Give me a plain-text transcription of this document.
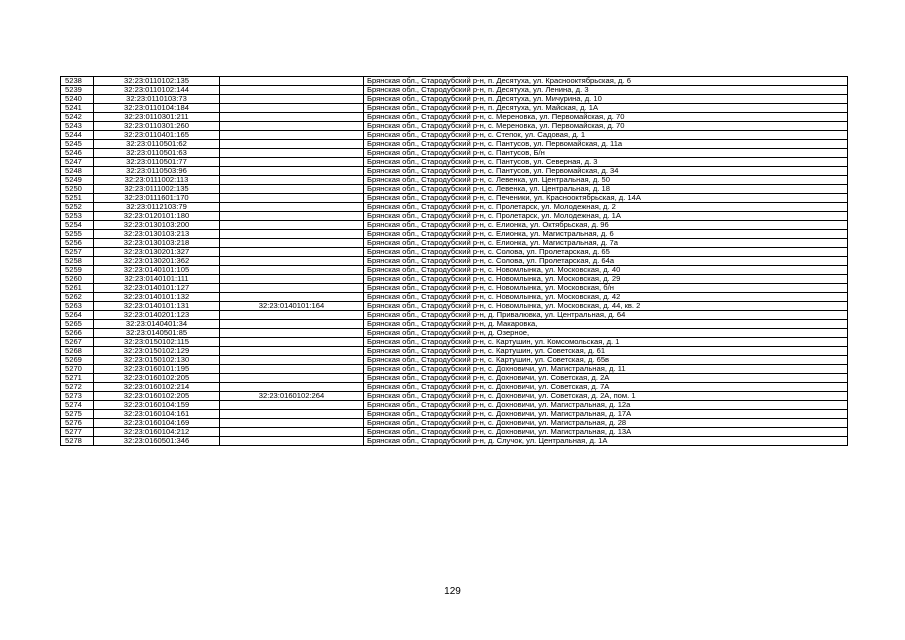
5238	32:23:0110102:135		Брянская обл., Стародубский р-н, п. Десятуха, ул. Краснооктябрьская, д. 6
5239	32:23:0110102:144		Брянская обл., Стародубский р-н, п. Десятуха, ул. Ленина, д. 3
5240	32:23:0110103:73		Брянская обл., Стародубский р-н, п. Десятуха, ул. Мичурина, д. 10
5241	32:23:0110104:184		Брянская обл., Стародубский р-н, п. Десятуха, ул. Майская, д. 1А
5242	32:23:0110301:211		Брянская обл., Стародубский р-н, с. Мереновка, ул. Первомайская, д. 70
5243	32:23:0110301:260		Брянская обл., Стародубский р-н, с. Мереновка, ул. Первомайская, д. 70
5244	32:23:0110401:165		Брянская обл., Стародубский р-н, с. Степок, ул. Садовая, д. 1
5245	32:23:0110501:62		Брянская обл., Стародубский р-н, с. Пантусов, ул. Первомайская, д. 11а
5246	32:23:0110501:63		Брянская обл., Стародубский р-н, с. Пантусов, Б/н
5247	32:23:0110501:77		Брянская обл., Стародубский р-н, с. Пантусов, ул. Северная, д. 3
5248	32:23:0110503:96		Брянская обл., Стародубский р-н, с. Пантусов, ул. Первомайская, д. 34
5249	32:23:0111002:113		Брянская обл., Стародубский р-н, с. Левенка, ул. Центральная, д. 50
5250	32:23:0111002:135		Брянская обл., Стародубский р-н, с. Левенка, ул. Центральная, д. 18
5251	32:23:0111601:170		Брянская обл., Стародубский р-н, с. Печеники, ул. Краснооктябрьская, д. 14А
5252	32:23:0112103:79		Брянская обл., Стародубский р-н, с. Пролетарск, ул. Молодежная, д. 2
5253	32:23:0120101:180		Брянская обл., Стародубский р-н, с. Пролетарск, ул. Молодежная, д. 1А
5254	32:23:0130103:200		Брянская обл., Стародубский р-н, с. Елионка, ул. Октябрьская, д. 96
5255	32:23:0130103:213		Брянская обл., Стародубский р-н, с. Елионка, ул. Магистральная, д. 6
5256	32:23:0130103:218		Брянская обл., Стародубский р-н, с. Елионка, ул. Магистральная, д. 7а
5257	32:23:0130201:327		Брянская обл., Стародубский р-н, с. Солова, ул. Пролетарская, д. 65
5258	32:23:0130201:362		Брянская обл., Стародубский р-н, с. Солова, ул. Пролетарская, д. 64а
5259	32:23:0140101:105		Брянская обл., Стародубский р-н, с. Новомлынка, ул. Московская, д. 40
5260	32:23:0140101:111		Брянская обл., Стародубский р-н, с. Новомлынка, ул. Московская, д. 29
5261	32:23:0140101:127		Брянская обл., Стародубский р-н, с. Новомлынка, ул. Московская, б/н
5262	32:23:0140101:132		Брянская обл., Стародубский р-н, с. Новомлынка, ул. Московская, д. 42
5263	32:23:0140101:131	32:23:0140101:164	Брянская обл., Стародубский р-н, с. Новомлынка, ул. Московская, д. 44, кв. 2
5264	32:23:0140201:123		Брянская обл., Стародубский р-н, д. Привалювка, ул. Центральная, д. 64
5265	32:23:0140401:34		Брянская обл., Стародубский р-н, д. Макаровка,
5266	32:23:0140501:85		Брянская обл., Стародубский р-н, д. Озерное,
5267	32:23:0150102:115		Брянская обл., Стародубский р-н, с. Картушин, ул. Комсомольская, д. 1
5268	32:23:0150102:129		Брянская обл., Стародубский р-н, с. Картушин, ул. Советская, д. 61
5269	32:23:0150102:130		Брянская обл., Стародубский р-н, с. Картушин, ул. Советская, д. 65в
5270	32:23:0160101:195		Брянская обл., Стародубский р-н, с. Дохновичи, ул. Магистральная, д. 11
5271	32:23:0160102:205		Брянская обл., Стародубский р-н, с. Дохновичи, ул. Советская, д. 2А
5272	32:23:0160102:214		Брянская обл., Стародубский р-н, с. Дохновичи, ул. Советская, д. 7А
5273	32:23:0160102:205	32:23:0160102:264	Брянская обл., Стародубский р-н, с. Дохновичи, ул. Советская, д. 2А, пом. 1
5274	32:23:0160104:159		Брянская обл., Стародубский р-н, с. Дохновичи, ул. Магистральная, д. 12а
5275	32:23:0160104:161		Брянская обл., Стародубский р-н, с. Дохновичи, ул. Магистральная, д. 17А
5276	32:23:0160104:169		Брянская обл., Стародубский р-н, с. Дохновичи, ул. Магистральная, д. 28
5277	32:23:0160104:212		Брянская обл., Стародубский р-н, с. Дохновичи, ул. Магистральная, д. 13А
5278	32:23:0160501:346		Брянская обл., Стародубский р-н, д. Случок, ул. Центральная, д. 1А
129
